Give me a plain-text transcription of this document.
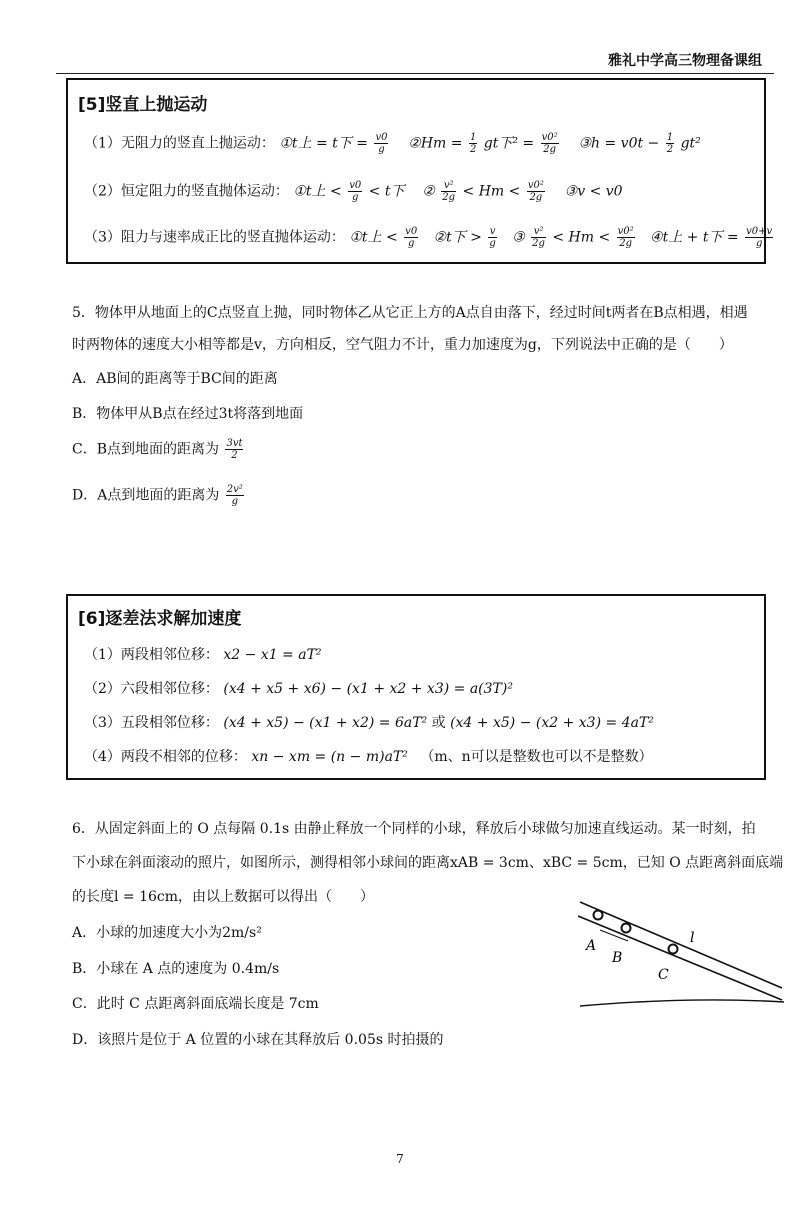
雅礼中学高三物理备课组
[5]竖直上抛运动
（1）无阻力的竖直上抛运动： ①t上 = t下 = $\frac{v0}{g}$ ②Hm = $\frac{1}{2}$ gt下$^2 = \frac{\text{v0²}}{2g}$ ③h = $v0t - \frac{1}{2} gt^2$
（2）恒定阻力的竖直抛体运动： ①t上 < $\frac{v0}{g} < t$下 ② $\frac{\text{v²}}{2g} < Hm < \frac{\text{v0²}}{2g}$ ③v < v0
（3）阻力与速率成正比的竖直抛体运动： ①t上 < $\frac{v0}{g}$ ②t下 > $\frac{v}{g}$ ③ $\frac{\text{v²}}{2g} < Hm < \frac{\text{v0²}}{2g}$ ④t上 + t下 = $\frac{v0+v}{g}$
5．物体甲从地面上的C点竖直上抛，同时物体乙从它正上方的A点自由落下，经过时间t两者在B点相遇，相遇
时两物体的速度大小相等都是v，方向相反，空气阻力不计，重力加速度为g，下列说法中正确的是（　　）
A．AB间的距离等于BC间的距离
B．物体甲从B点在经过3t将落到地面
C．B点到地面的距离为 $\frac{3vt}{2}$
D．A点到地面的距离为 $\frac{\text{2v²}}{g}$
[6]逐差法求解加速度
（1）两段相邻位移： x2 − x1 = aT²
（2）六段相邻位移： (x4 + x5 + x6) − (x1 + x2 + x3) = a(3T)²
（3）五段相邻位移： (x4 + x5) − (x1 + x2) = 6aT² 或 (x4 + x5) − (x2 + x3) = 4aT²
（4）两段不相邻的位移： xn − xm = (n − m)aT² （m、n可以是整数也可以不是整数）
6．从固定斜面上的 O 点每隔 0.1s 由静止释放一个同样的小球，释放后小球做匀加速直线运动。某一时刻，拍
下小球在斜面滚动的照片，如图所示，测得相邻小球间的距离xAB = 3cm、xBC = 5cm，已知 O 点距离斜面底端
的长度l = 16cm，由以上数据可以得出（　　）
A．小球的加速度大小为2m/s²
B．小球在 A 点的速度为 0.4m/s
C．此时 C 点距离斜面底端长度是 7cm
D．该照片是位于 A 位置的小球在其释放后 0.05s 时拍摄的
A
B
C
l
7
